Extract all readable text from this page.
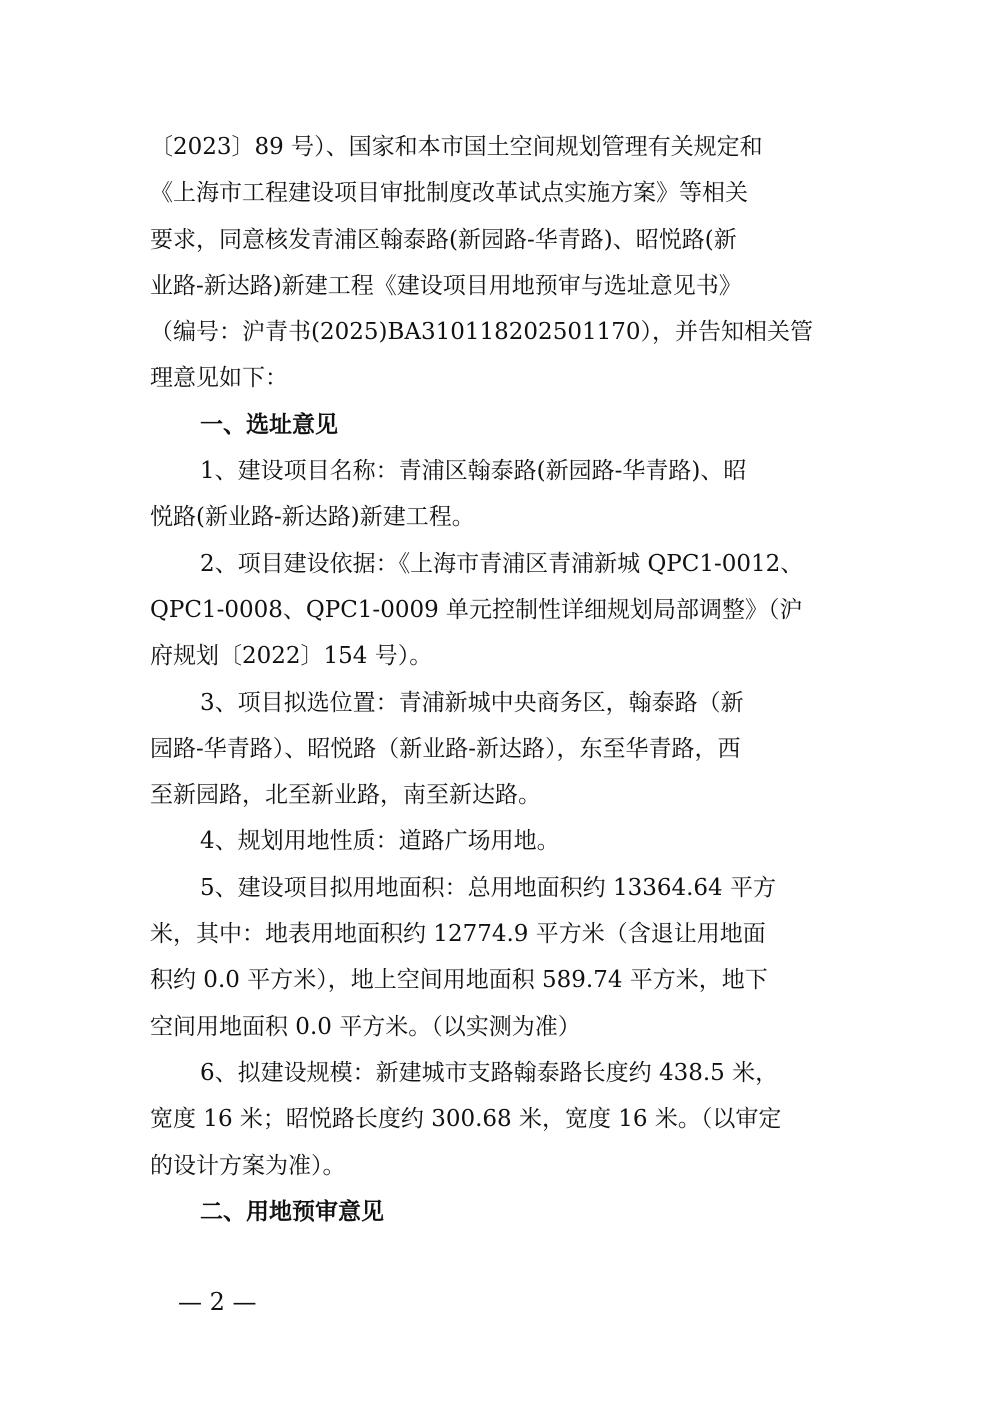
〔2023〕89 号）、国家和本市国土空间规划管理有关规定和
《上海市工程建设项目审批制度改革试点实施方案》等相关
要求，同意核发青浦区翰泰路(新园路-华青路)、昭悦路(新
业路-新达路)新建工程《建设项目用地预审与选址意见书》
（编号：沪青书(2025)BA310118202501170），并告知相关管
理意见如下：
一、选址意见
1、建设项目名称：青浦区翰泰路(新园路-华青路)、昭
悦路(新业路-新达路)新建工程。
2、项目建设依据：《上海市青浦区青浦新城 QPC1-0012、
QPC1-0008、QPC1-0009 单元控制性详细规划局部调整》（沪
府规划〔2022〕154 号）。
3、项目拟选位置：青浦新城中央商务区，翰泰路（新
园路-华青路）、昭悦路（新业路-新达路），东至华青路，西
至新园路，北至新业路，南至新达路。
4、规划用地性质：道路广场用地。
5、建设项目拟用地面积：总用地面积约 13364.64 平方
米，其中：地表用地面积约 12774.9 平方米（含退让用地面
积约 0.0 平方米），地上空间用地面积 589.74 平方米，地下
空间用地面积 0.0 平方米。（以实测为准）
6、拟建设规模：新建城市支路翰泰路长度约 438.5 米，
宽度 16 米；昭悦路长度约 300.68 米，宽度 16 米。（以审定
的设计方案为准）。
二、用地预审意见
— 2 —
